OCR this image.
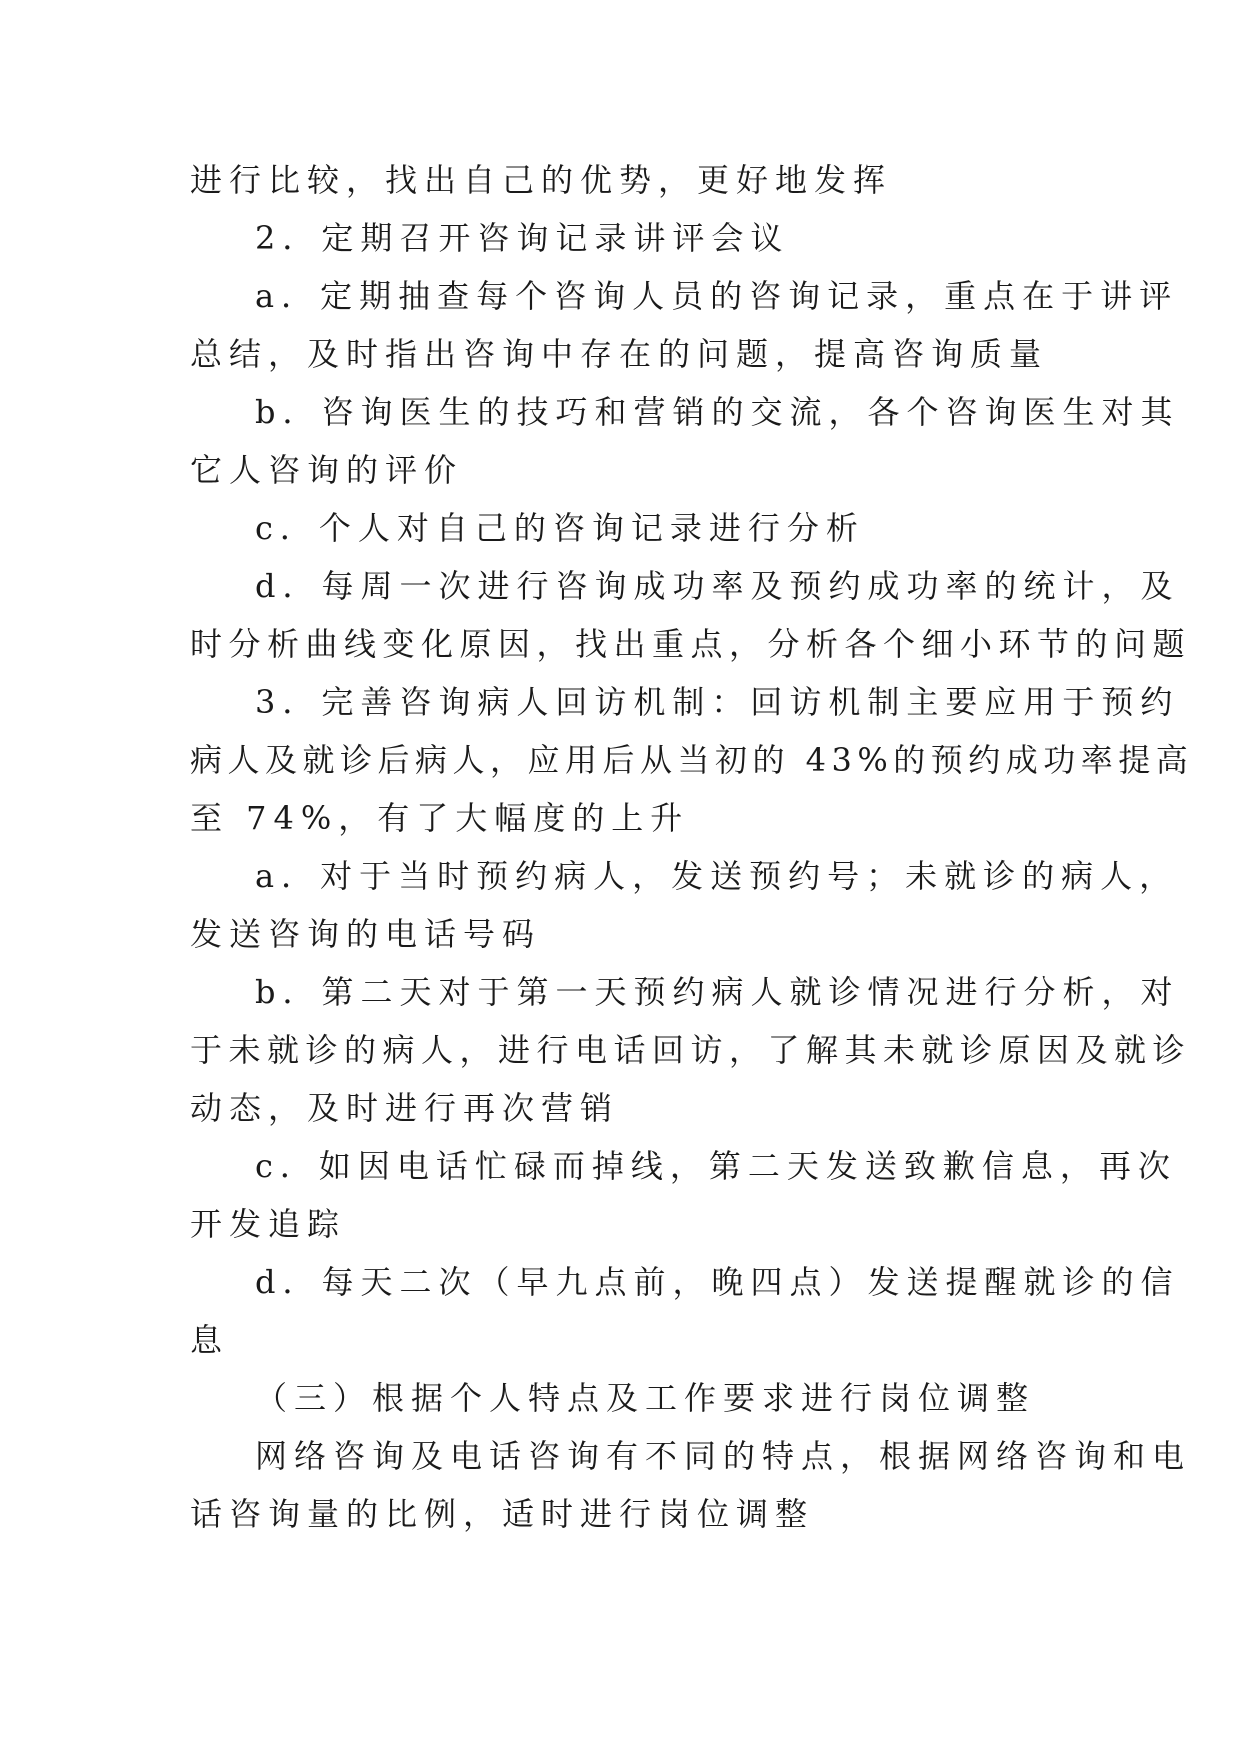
进行比较，找出自己的优势，更好地发挥
2．定期召开咨询记录讲评会议
a．定期抽查每个咨询人员的咨询记录，重点在于讲评
总结，及时指出咨询中存在的问题，提高咨询质量
b．咨询医生的技巧和营销的交流，各个咨询医生对其
它人咨询的评价
c．个人对自己的咨询记录进行分析
d．每周一次进行咨询成功率及预约成功率的统计，及
时分析曲线变化原因，找出重点，分析各个细小环节的问题
3．完善咨询病人回访机制：回访机制主要应用于预约
病人及就诊后病人，应用后从当初的 43%的预约成功率提高
至 74%，有了大幅度的上升
a．对于当时预约病人，发送预约号；未就诊的病人，
发送咨询的电话号码
b．第二天对于第一天预约病人就诊情况进行分析，对
于未就诊的病人，进行电话回访，了解其未就诊原因及就诊
动态，及时进行再次营销
c．如因电话忙碌而掉线，第二天发送致歉信息，再次
开发追踪
d．每天二次（早九点前，晚四点）发送提醒就诊的信
息
（三）根据个人特点及工作要求进行岗位调整
网络咨询及电话咨询有不同的特点，根据网络咨询和电
话咨询量的比例，适时进行岗位调整
